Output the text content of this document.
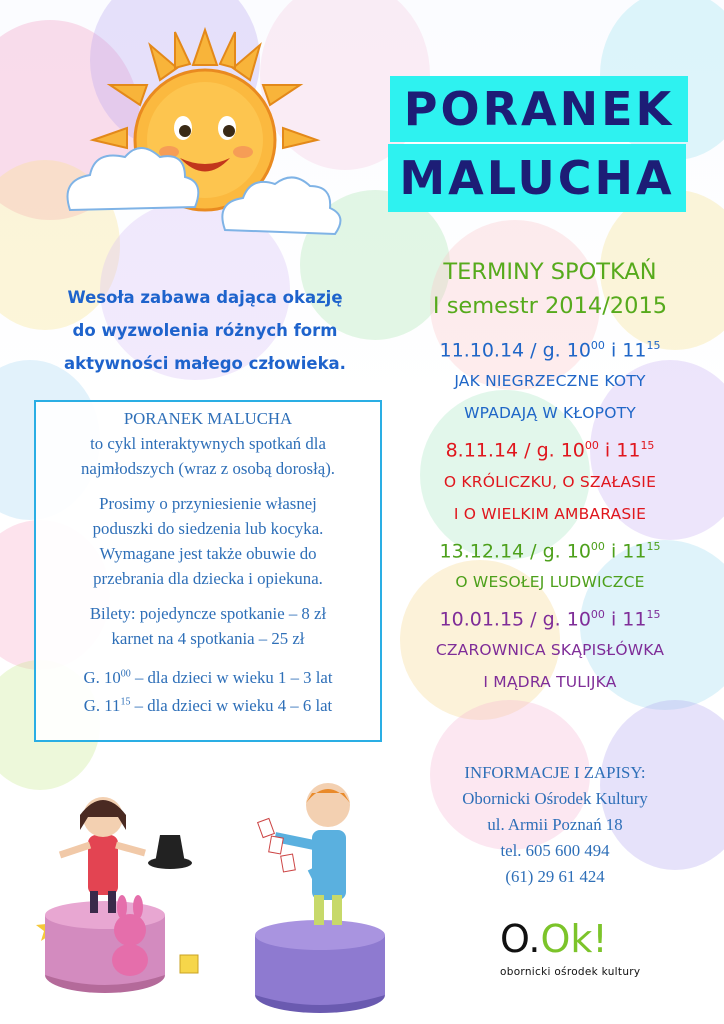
PORANEK
MALUCHA
Wesoła zabawa dająca okazję
do wyzwolenia różnych form
aktywności małego człowieka.

PORANEK MALUCHA
to cykl interaktywnych spotkań dla
najmłodszych (wraz z osobą dorosłą).

Prosimy o przyniesienie własnej
poduszki do siedzenia lub kocyka.
Wymagane jest także obuwie do
przebrania dla dziecka i opiekuna.

Bilety: pojedyncze spotkanie – 8 zł
karnet na 4 spotkania – 25 zł

G. $10^{00}$ – dla dzieci w wieku 1 – 3 lat
G. $11^{15}$ – dla dzieci w wieku 4 – 6 lat

TERMINY SPOTKAŃ
I semestr 2014/2015
11.10.14 / g. $10^{00}$ i $11^{15}$
JAK NIEGRZECZNE KOTY
WPADAJĄ W KŁOPOTY
8.11.14 / g. $10^{00}$ i $11^{15}$
O KRÓLICZKU, O SZAŁASIE
I O WIELKIM AMBARASIE
13.12.14 / g. $10^{00}$ i $11^{15}$
O WESOŁEJ LUDWICZCE
10.01.15 / g. $10^{00}$ i $11^{15}$
CZAROWNICA SKĄPISŁÓWKA
I MĄDRA TULIJKA
INFORMACJE I ZAPISY:
Obornicki Ośrodek Kultury
ul. Armii Poznań 18
tel. 605 600 494
(61) 29 61 424
O.Ok!
obornicki ośrodek kultury
